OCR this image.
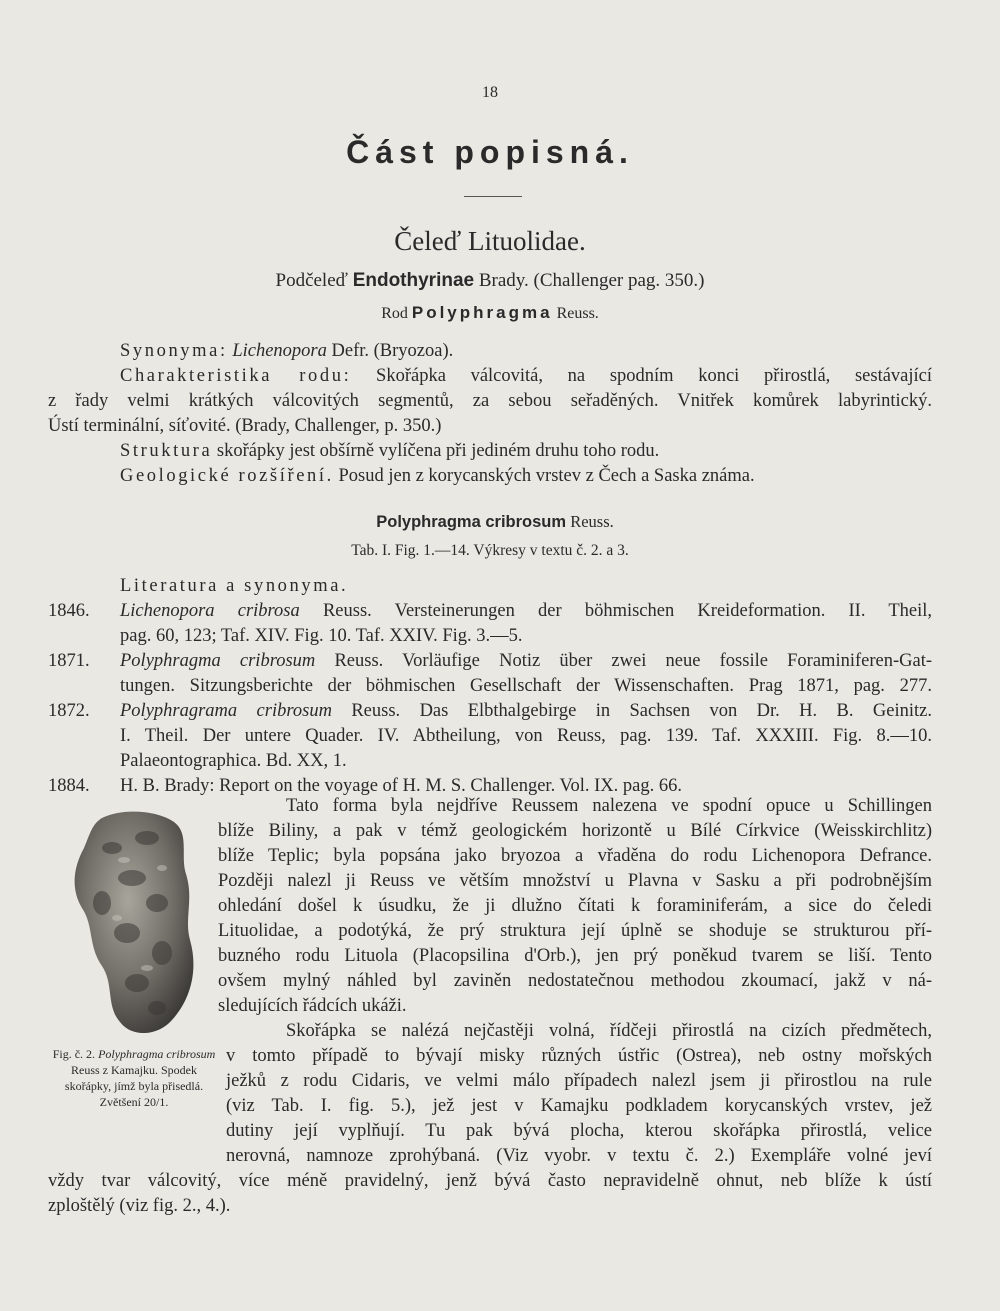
18
Část popisná.
Čeleď Lituolidae.
Podčeleď Endothyrinae Brady. (Challenger pag. 350.)
Rod Polyphragma Reuss.
Synonyma: Lichenopora Defr. (Bryozoa).
Charakteristika rodu: Skořápka válcovitá, na spodním konci přirostlá, sestávající
z řady velmi krátkých válcovitých segmentů, za sebou seřaděných. Vnitřek komůrek labyrintický.
Ústí terminální, síťovité. (Brady, Challenger, p. 350.)
Struktura skořápky jest obšírně vylíčena při jediném druhu toho rodu.
Geologické rozšíření. Posud jen z korycanských vrstev z Čech a Saska známa.
Polyphragma cribrosum Reuss.
Tab. I. Fig. 1.—14. Výkresy v textu č. 2. a 3.
Literatura a synonyma.
1846. Lichenopora cribrosa Reuss. Versteinerungen der böhmischen Kreideformation. II. Theil,
pag. 60, 123; Taf. XIV. Fig. 10. Taf. XXIV. Fig. 3.—5.
1871. Polyphragma cribrosum Reuss. Vorläufige Notiz über zwei neue fossile Foraminiferen-Gat-
tungen. Sitzungsberichte der böhmischen Gesellschaft der Wissenschaften. Prag 1871, pag. 277.
1872. Polyphragrama cribrosum Reuss. Das Elbthalgebirge in Sachsen von Dr. H. B. Geinitz.
I. Theil. Der untere Quader. IV. Abtheilung, von Reuss, pag. 139. Taf. XXXIII. Fig. 8.—10.
Palaeontographica. Bd. XX, 1.
1884. H. B. Brady: Report on the voyage of H. M. S. Challenger. Vol. IX. pag. 66.
Tato forma byla nejdříve Reussem nalezena ve spodní opuce u Schillingen
blíže Biliny, a pak v témž geologickém horizontě u Bílé Církvice (Weisskirchlitz)
blíže Teplic; byla popsána jako bryozoa a vřaděna do rodu Lichenopora Defrance.
Později nalezl ji Reuss ve větším množství u Plavna v Sasku a při podrobnějším
ohledání došel k úsudku, že ji dlužno čítati k foraminiferám, a sice do čeledi
Lituolidae, a podotýká, že prý struktura její úplně se shoduje se strukturou pří-
buzného rodu Lituola (Placopsilina d'Orb.), jen prý poněkud tvarem se liší. Tento
ovšem mylný náhled byl zaviněn nedostatečnou methodou zkoumací, jakž v ná-
sledujících řádcích ukáži.
Skořápka se nalézá nejčastěji volná, řídčeji přirostlá na cizích předmětech,
v tomto případě to bývají misky různých ústřic (Ostrea), neb ostny mořských
ježků z rodu Cidaris, ve velmi málo případech nalezl jsem ji přirostlou na rule
(viz Tab. I. fig. 5.), jež jest v Kamajku podkladem korycanských vrstev, jež
dutiny její vyplňují. Tu pak bývá plocha, kterou skořápka přirostlá, velice
nerovná, namnoze zprohýbaná. (Viz vyobr. v textu č. 2.) Exempláře volné jeví
vždy tvar válcovitý, více méně pravidelný, jenž bývá často nepravidelně ohnut, neb blíže k ústí
zploštělý (viz fig. 2., 4.).
Fig. č. 2. Polyphragma cribrosum Reuss z Kamajku. Spodek skořápky, jímž byla přisedlá. Zvětšení 20/1.
